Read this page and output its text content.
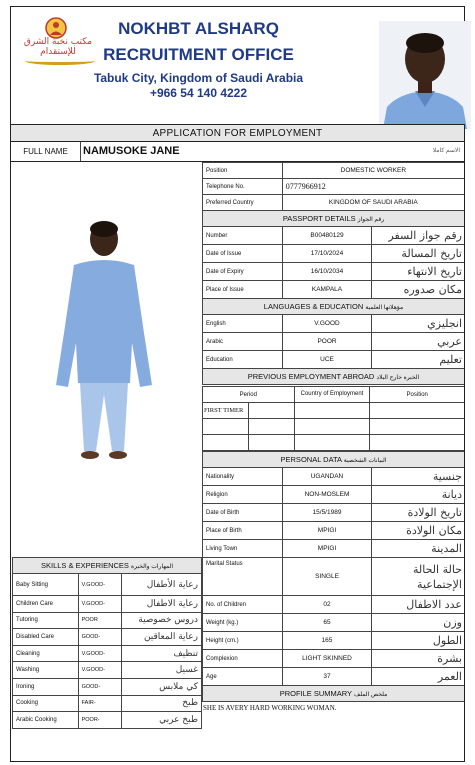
مكتب نخبة الشرق للإستقدام
NOKHBT ALSHARQ
RECRUITMENT OFFICE
Tabuk City, Kingdom of Saudi Arabia
+966 54 140 4222
APPLICATION FOR EMPLOYMENT
FULL NAME	NAMUSOKE JANE	الاسم كاملا
Position	DOMESTIC WORKER	
Telephone No.	0777966912	
Preferred Country	KINGDOM OF SAUDI ARABIA	
PASSPORT DETAILS رقم الجواز		
Number	B00480129	رقم جواز السفر
Date of Issue	17/10/2024	تاريخ المسالة
Date of Expiry	16/10/2034	تاريخ الانتهاء
Place of Issue	KAMPALA	مكان صدوره
LANGUAGES & EDUCATION مؤهلاتها العلمية		
English	V.GOOD	انجليزي
Arabic	POOR	عربي
Education	UCE	تعليم
PREVIOUS EMPLOYMENT ABROAD الخبرة خارج البلاد		
Period		Country of Employment	Position
FIRST TIMER			

PERSONAL DATA البيانات الشخصية		
Nationality	UGANDAN	جنسية
Religion	NON-MOSLEM	ديانة
Date of Birth	15/5/1989	تاريخ الولادة
Place of Birth	MPIGI	مكان الولادة
Living Town	MPIGI	المدينة
Marital Status	SINGLE	حالة الحالة الإجتماعية
No. of Children	02	عدد الاطفال
Weight (kg.)	65	وزن
Height (cm.)	165	الطول
Complexion	LIGHT SKINNED	بشرة
Age	37	العمر
PROFILE SUMMARY ملخص الملف		
SHE IS AVERY HARD WORKING WOMAN.
SKILLS & EXPERIENCES المهارات والخبرة		
Baby Sitting	V.GOOD-	رعاية الأطفال
Children Care	V.GOOD-	رعاية الاطفال
Tutoring	POOR	دروس خصوصية
Disabled Care	GOOD-	رعاية المعاقين
Cleaning	V.GOOD-	تنظيف
Washing	V.GOOD-	غسيل
Ironing	GOOD-	كي ملابس
Cooking	FAIR-	طبخ
Arabic Cooking	POOR-	طبخ عربي
